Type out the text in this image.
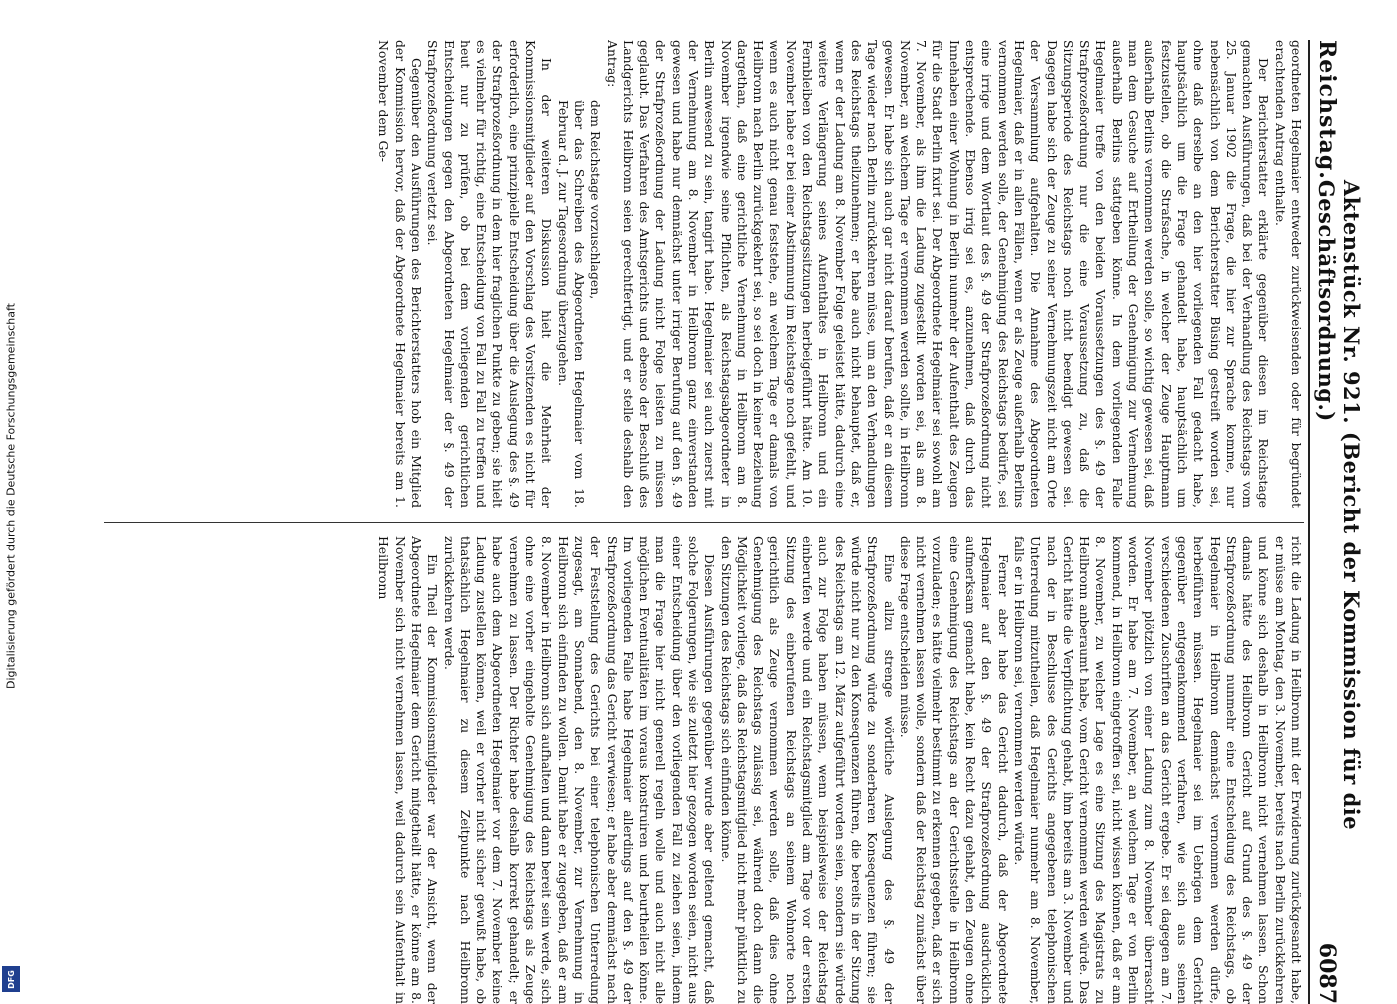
Digitalisierung gefördert durch die Deutsche Forschungsgemeinschaft
DFG
Reichstag.
Aktenstück Nr. 921. (Bericht der Kommission für die Geschäftsordnung.)
6087

geordneten Hegelmaier entweder zurückweisenden oder für begründet erachtenden Antrag enthalte.

Der Berichterstatter erklärte gegenüber diesen im Reichstage gemachten Ausführungen, daß bei der Verhandlung des Reichstags vom 25. Januar 1902 die Frage, die hier zur Sprache komme, nur nebensächlich von dem Berichterstatter Büsing gestreift worden sei, ohne daß derselbe an den hier vorliegenden Fall gedacht habe, hauptsächlich um die Frage gehandelt habe, hauptsächlich um festzustellen, ob die Strafsache, in welcher der Zeuge Hauptmann außerhalb Berlins vernommen werden solle, so wichtig gewesen sei, daß man dem Gesuche auf Ertheilung der Genehmigung zur Vernehmung außerhalb Berlins stattgeben könne. In dem vorliegenden Falle Hegelmaier treffe von den beiden Voraussetzungen des §. 49 der Strafprozeßordnung nur die eine Voraussetzung zu, daß die Sitzungsperiode des Reichstags noch nicht beendigt gewesen sei. Dagegen habe sich der Zeuge zu seiner Vernehmungszeit nicht am Orte der Versammlung aufgehalten. Die Annahme des Abgeordneten Hegelmaier, daß er in allen Fällen, wenn er als Zeuge außerhalb Berlins vernommen werden solle, der Genehmigung des Reichstags bedürfe, sei eine irrige und dem Wortlaut des §. 49 der Strafprozeßordnung nicht entsprechende. Ebenso irrig sei es, anzunehmen, daß durch das Innehaben einer Wohnung in Berlin nunmehr der Aufenthalt des Zeugen für die Stadt Berlin fixirt sei. Der Abgeordnete Hegelmaier sei sowohl am 7. November, als ihm die Ladung zugestellt worden sei, als am 8. November, an welchem Tage er vernommen werden sollte, in Heilbronn gewesen. Er habe sich auch gar nicht darauf berufen, daß er an diesem Tage wieder nach Berlin zurückkehren müsse, um an den Verhandlungen des Reichstags theilzunehmen; er habe auch nicht behauptet, daß er, wenn er der Ladung am 8. November Folge geleistet hätte, dadurch eine weitere Verlängerung seines Aufenthaltes in Heilbronn und ein Fernbleiben von den Reichstagssitzungen herbeigeführt hätte. Am 10. November habe er bei einer Abstimmung im Reichstage noch gefehlt, und wenn es auch nicht genau feststehe, an welchem Tage er damals von Heilbronn nach Berlin zurückgekehrt sei, so sei doch in keiner Beziehung dargethan, daß eine gerichtliche Vernehmung in Heilbronn am 8. November irgendwie seine Pflichten, als Reichstagsabgeordneter in Berlin anwesend zu sein, tangirt habe. Hegelmaier sei auch zuerst mit der Vernehmung am 8. November in Heilbronn ganz einverstanden gewesen und habe nur demnächst unter irriger Berufung auf den §. 49 der Strafprozeßordnung der Ladung nicht Folge leisten zu müssen geglaubt. Das Verfahren des Amtsgerichts und ebenso der Beschluß des Landgerichts Heilbronn seien gerechtfertigt, und er stelle deshalb den Antrag:

dem Reichstage vorzuschlagen,

über das Schreiben des Abgeordneten Hegelmaier vom 18. Februar d. J. zur Tagesordnung überzugehen.

In der weiteren Diskussion hielt die Mehrheit der Kommissionsmitglieder auf den Vorschlag des Vorsitzenden es nicht für erforderlich, eine prinzipielle Entscheidung über die Auslegung des §. 49 der Strafprozeßordnung in dem hier fraglichen Punkte zu geben; sie hielt es vielmehr für richtig, eine Entscheidung von Fall zu Fall zu treffen und heut nur zu prüfen, ob bei dem vorliegenden gerichtlichen Entscheidungen gegen den Abgeordneten Hegelmaier der §. 49 der Strafprozeßordnung verletzt sei.

Gegenüber den Ausführungen des Berichterstatters hob ein Mitglied der Kommission hervor, daß der Abgeordnete Hegelmaier bereits am 1. November dem Ge-

richt die Ladung in Heilbronn mit der Erwiderung zurückgesandt habe, er müsse am Montag, den 3. November, bereits nach Berlin zurückkehren und könne sich deshalb in Heilbronn nicht vernehmen lassen. Schon damals hätte des Heilbronn Gericht auf Grund des §. 49 der Strafprozeßordnung nunmehr eine Entscheidung des Reichstags, ob Hegelmaier in Heilbronn demnächst vernommen werden dürfe, herbeiführen müssen. Hegelmaier sei im Uebrigen dem Gericht gegenüber entgegenkommend verfahren, wie sich aus seinen verschiedenen Zuschriften an das Gericht ergebe. Er sei dagegen am 7. November plötzlich von einer Ladung zum 8. November überrascht worden. Er habe am 7. November, an welchem Tage er von Berlin kommend, in Heilbronn eingetroffen sei, nicht wissen können, daß er am 8. November, zu welcher Lage es eine Sitzung des Magistrats zu Heilbronn anberaumt habe, vom Gericht vernommen werden würde. Das Gericht hätte die Verpflichtung gehabt, ihm bereits am 3. November und nach der in Beschlusse des Gerichts angegebenen telephonischen Unterredung mitzutheilen, daß Hegelmaier nunmehr am 8. November, falls er in Heilbronn sei, vernommen werden würde.

Ferner aber habe das Gericht dadurch, daß der Abgeordnete Hegelmaier auf den §. 49 der Strafprozeßordnung ausdrücklich aufmerksam gemacht habe, kein Recht dazu gehabt, den Zeugen ohne eine Genehmigung des Reichstags an der Gerichtsstelle in Heilbronn vorzuladen; es hätte vielmehr bestimmt zu erkennen gegeben, daß er sich nicht vernehmen lassen wolle, sondern daß der Reichstag zunächst über diese Frage entscheiden müsse.

Eine allzu strenge wörtliche Auslegung des §. 49 der Strafprozeßordnung würde zu sonderbaren Konsequenzen führen; sie würde nicht nur zu den Konsequenzen führen, die bereits in der Sitzung des Reichstags am 12. März aufgeführt worden seien, sondern sie würde auch zur Folge haben müssen, wenn beispielsweise der Reichstag einberufen werde und ein Reichstagsmitglied am Tage vor der ersten Sitzung des einberufenen Reichstags an seinem Wohnorte noch gerichtlich als Zeuge vernommen werden solle, daß dies ohne Genehmigung des Reichstags zulässig sei, während doch dann die Möglichkeit vorliege, daß das Reichstagsmitglied nicht mehr pünktlich zu den Sitzungen des Reichstags sich einfinden könne.

Diesen Ausführungen gegenüber wurde aber geltend gemacht, daß solche Folgerungen, wie sie zuletzt hier gezogen worden seien, nicht aus einer Entscheidung über den vorliegenden Fall zu ziehen seien, indem man die Frage hier nicht generell regeln wolle und auch nicht alle möglichen Eventualitäten im voraus konstruiren und beurtheilen könne. Im vorliegenden Falle habe Hegelmaier allerdings auf den §. 49 der Strafprozeßordnung das Gericht verwiesen; er habe aber demnächst nach der Feststellung des Gerichts bei einer telephonischen Unterredung zugesagt, am Sonnabend, den 8. November, zur Vernehmung in Heilbronn sich einfinden zu wollen. Damit habe er zugegeben, daß er am 8. November in Heilbronn sich aufhalten und dann bereit sein werde, sich ohne eine vorher eingeholte Genehmigung des Reichstags als Zeuge vernehmen zu lassen. Der Richter habe deshalb korrekt gehandelt; er habe auch dem Abgeordneten Hegelmaier vor dem 7. November keine Ladung zustellen können, weil er vorher nicht sicher gewußt habe, ob thatsächlich Hegelmaier zu diesem Zeitpunkte nach Heilbronn zurückkehren werde.

Ein Theil der Kommissionsmitglieder war der Ansicht, wenn der Abgeordnete Hegelmaier dem Gericht mitgetheilt hätte, er könne am 8. November sich nicht vernehmen lassen, weil dadurch sein Aufenthalt in Heilbronn
